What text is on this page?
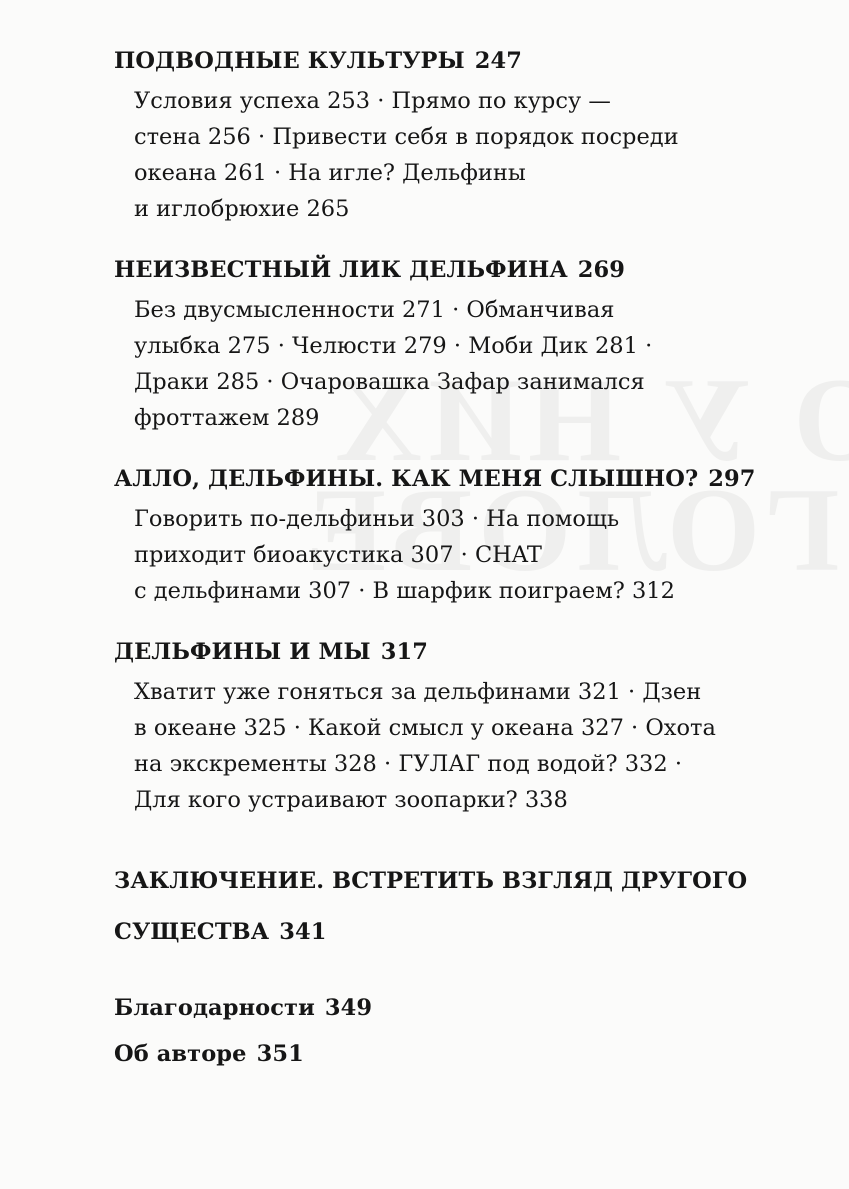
ПОДВОДНЫЕ КУЛЬТУРЫ 247
Условия успеха 253 · Прямо по курсу —
стена 256 · Привести себя в порядок посреди
океана 261 · На игле? Дельфины
и иглобрюхие 265
НЕИЗВЕСТНЫЙ ЛИК ДЕЛЬФИНА 269
Без двусмысленности 271 · Обманчивая
улыбка 275 · Челюсти 279 · Моби Дик 281 ·
Драки 285 · Очаровашка Зафар занимался
фроттажем 289
АЛЛО, ДЕЛЬФИНЫ. КАК МЕНЯ СЛЫШНО? 297
Говорить по-дельфиньи 303 · На помощь
приходит биоакустика 307 · CHAT
с дельфинами 307 · В шарфик поиграем? 312
ДЕЛЬФИНЫ И МЫ 317
Хватит уже гоняться за дельфинами 321 · Дзен
в океане 325 · Какой смысл у океана 327 · Охота
на экскременты 328 · ГУЛАГ под водой? 332 ·
Для кого устраивают зоопарки? 338
ЗАКЛЮЧЕНИЕ. ВСТРЕТИТЬ ВЗГЛЯД ДРУГОГО
СУЩЕСТВА 341
Благодарности 349
Об авторе 351
